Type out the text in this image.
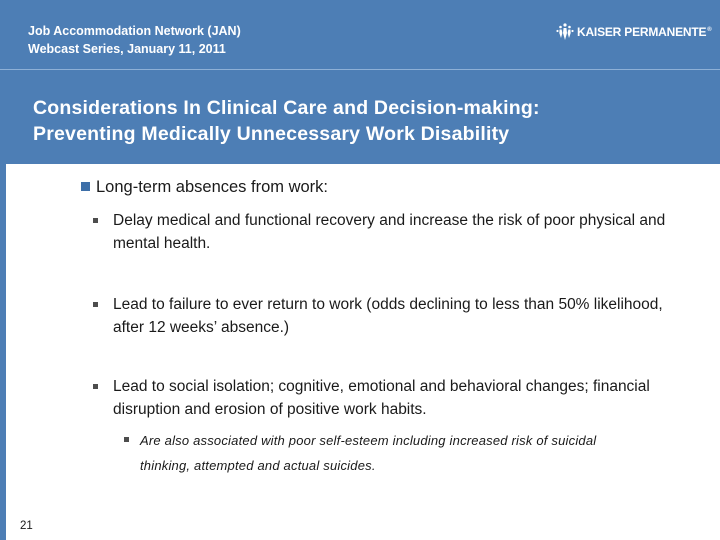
Job Accommodation Network (JAN)
Webcast Series, January 11, 2011
KAISER PERMANENTE®
Considerations In Clinical Care and Decision-making:
Preventing Medically Unnecessary Work Disability
Long-term absences from work:
Delay medical and functional recovery and increase the risk of poor physical and mental health.
Lead to failure to ever return to work (odds declining to less than 50% likelihood, after 12 weeks’ absence.)
Lead to social isolation; cognitive, emotional and behavioral changes; financial disruption and erosion of positive work habits.
Are also associated with poor self-esteem including increased risk of suicidal thinking, attempted and actual suicides.
21
